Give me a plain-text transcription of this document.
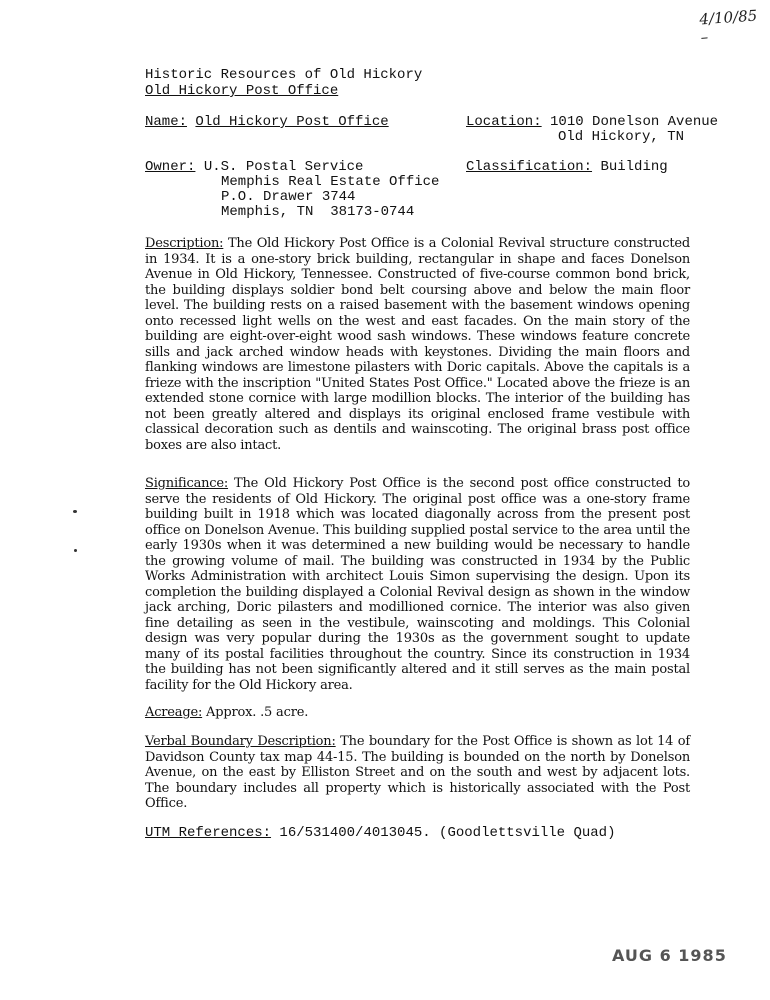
4/10/85 –
Historic Resources of Old Hickory
Old Hickory Post Office
Name: Old Hickory Post Office	Location: 1010 Donelson Avenue
Old Hickory, TN
Owner: U.S. Postal Service
Memphis Real Estate Office
P.O. Drawer 3744
Memphis, TN  38173-0744
Classification: Building
Description: The Old Hickory Post Office is a Colonial Revival structure constructed in 1934. It is a one-story brick building, rectangular in shape and faces Donelson Avenue in Old Hickory, Tennessee. Constructed of five-course common bond brick, the building displays soldier bond belt coursing above and below the main floor level. The building rests on a raised basement with the basement windows opening onto recessed light wells on the west and east facades. On the main story of the building are eight-over-eight wood sash windows. These windows feature concrete sills and jack arched window heads with keystones. Dividing the main floors and flanking windows are limestone pilasters with Doric capitals. Above the capitals is a frieze with the inscription "United States Post Office." Located above the frieze is an extended stone cornice with large modillion blocks. The interior of the building has not been greatly altered and displays its original enclosed frame vestibule with classical decoration such as dentils and wainscoting. The original brass post office boxes are also intact.
Significance: The Old Hickory Post Office is the second post office constructed to serve the residents of Old Hickory. The original post office was a one-story frame building built in 1918 which was located diagonally across from the present post office on Donelson Avenue. This building supplied postal service to the area until the early 1930s when it was determined a new building would be necessary to handle the growing volume of mail. The building was constructed in 1934 by the Public Works Administration with architect Louis Simon supervising the design. Upon its completion the building displayed a Colonial Revival design as shown in the window jack arching, Doric pilasters and modillioned cornice. The interior was also given fine detailing as seen in the vestibule, wainscoting and moldings. This Colonial design was very popular during the 1930s as the government sought to update many of its postal facilities throughout the country. Since its construction in 1934 the building has not been significantly altered and it still serves as the main postal facility for the Old Hickory area.
Acreage: Approx. .5 acre.
Verbal Boundary Description: The boundary for the Post Office is shown as lot 14 of Davidson County tax map 44-15. The building is bounded on the north by Donelson Avenue, on the east by Elliston Street and on the south and west by adjacent lots. The boundary includes all property which is historically associated with the Post Office.
UTM References: 16/531400/4013045. (Goodlettsville Quad)
AUG 6 1985
